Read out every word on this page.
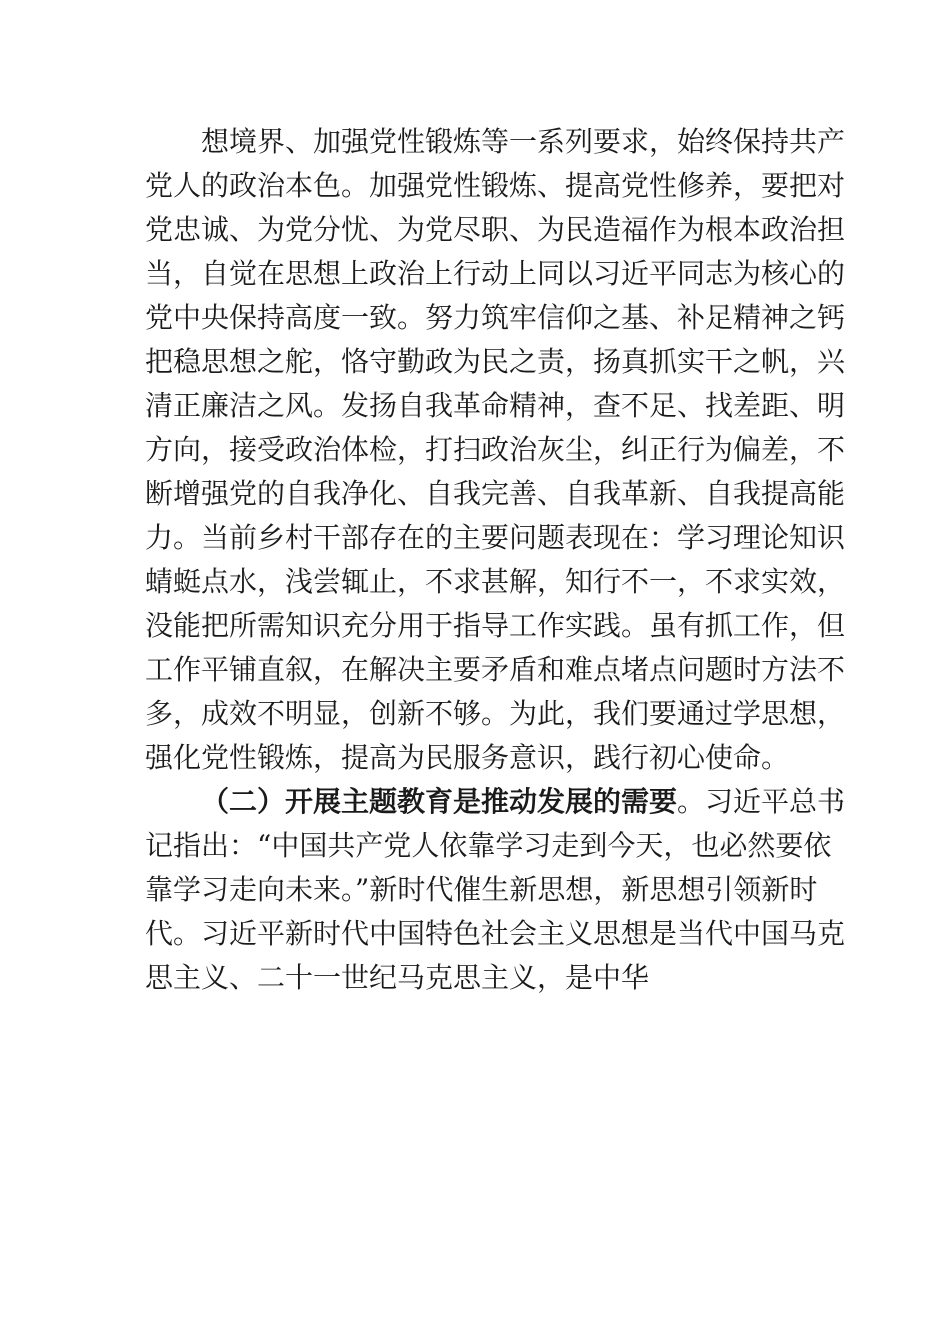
想境界、加强党性锻炼等一系列要求，始终保持共产
党人的政治本色。加强党性锻炼、提高党性修养，要把对
党忠诚、为党分忧、为党尽职、为民造福作为根本政治担
当，自觉在思想上政治上行动上同以习近平同志为核心的
党中央保持高度一致。努力筑牢信仰之基、补足精神之钙
把稳思想之舵，恪守勤政为民之责，扬真抓实干之帆，兴
清正廉洁之风。发扬自我革命精神，查不足、找差距、明
方向，接受政治体检，打扫政治灰尘，纠正行为偏差，不
断增强党的自我净化、自我完善、自我革新、自我提高能
力。当前乡村干部存在的主要问题表现在：学习理论知识
蜻蜓点水，浅尝辄止，不求甚解，知行不一，不求实效，
没能把所需知识充分用于指导工作实践。虽有抓工作，但
工作平铺直叙，在解决主要矛盾和难点堵点问题时方法不
多，成效不明显，创新不够。为此，我们要通过学思想，
强化党性锻炼，提高为民服务意识，践行初心使命。
（二）开展主题教育是推动发展的需要。习近平总书
记指出：“中国共产党人依靠学习走到今天，也必然要依
靠学习走向未来。”新时代催生新思想，新思想引领新时
代。习近平新时代中国特色社会主义思想是当代中国马克
思主义、二十一世纪马克思主义，是中华
